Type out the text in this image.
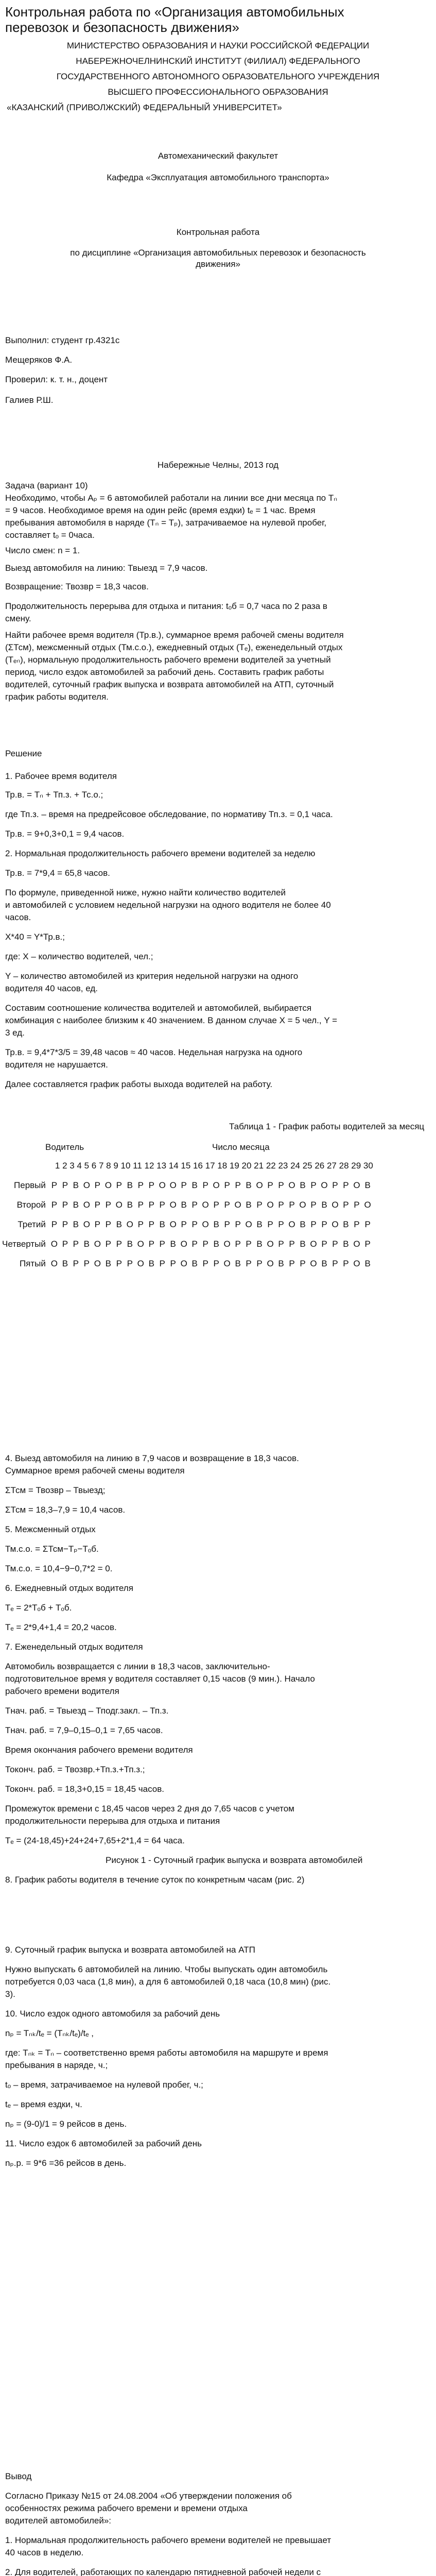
Контрольная работа по «Организация автомобильных
перевозок и безопасность движения»
МИНИСТЕРСТВО ОБРАЗОВАНИЯ И НАУКИ РОССИЙСКОЙ ФЕДЕРАЦИИ
НАБЕРЕЖНОЧЕЛНИНСКИЙ ИНСТИТУТ (ФИЛИАЛ) ФЕДЕРАЛЬНОГО
ГОСУДАРСТВЕННОГО АВТОНОМНОГО ОБРАЗОВАТЕЛЬНОГО УЧРЕЖДЕНИЯ
ВЫСШЕГО ПРОФЕССИОНАЛЬНОГО ОБРАЗОВАНИЯ
«КАЗАНСКИЙ (ПРИВОЛЖСКИЙ) ФЕДЕРАЛЬНЫЙ УНИВЕРСИТЕТ»
Автомеханический факультет
Кафедра «Эксплуатация автомобильного транспорта»
Контрольная работа
по дисциплине «Организация автомобильных перевозок и безопасность
движения»
Выполнил: студент гр.4321с
Мещеряков Ф.А.
Проверил: к. т. н., доцент
Галиев Р.Ш.
Набережные Челны, 2013 год
Задача (вариант 10)
Необходимо, чтобы Аₚ = 6 автомобилей работали на линии все дни месяца по Тₙ
= 9 часов. Необходимое время на один рейс (время ездки) tₑ = 1 час. Время
пребывания автомобиля в наряде (Тₙ = Тₚ), затрачиваемое на нулевой пробег,
составляет tₒ = 0часа.
Число смен: n = 1.
Выезд автомобиля на линию: Твыезд = 7,9 часов.
Возвращение: Твозвр = 18,3 часов.
Продолжительность перерыва для отдыха и питания: tₒб = 0,7 часа по 2 раза в
смену.
Найти рабочее время водителя (Тр.в.), суммарное время рабочей смены водителя
(ΣТсм), межсменный отдых (Тм.с.о.), ежедневный отдых (Тₑ), еженедельный отдых
(Тₑₙ), нормальную продолжительность рабочего времени водителей за учетный
период, число ездок автомобилей за рабочий день. Составить график работы
водителей, суточный график выпуска и возврата автомобилей на АТП, суточный
график работы водителя.
Решение
1. Рабочее время водителя
Тр.в. = Тₙ + Тп.з. + Тс.о.;
где Тп.з. – время на предрейсовое обследование, по нормативу Тп.з. = 0,1 часа.
Тр.в. = 9+0,3+0,1 = 9,4 часов.
2. Нормальная продолжительность рабочего времени водителей за неделю
Тр.в. = 7*9,4 = 65,8 часов.
По формуле, приведенной ниже, нужно найти количество водителей
и автомобилей с условием недельной нагрузки на одного водителя не более 40
часов.
X*40 = Y*Тр.в.;
где: X – количество водителей, чел.;
Y – количество автомобилей из критерия недельной нагрузки на одного
водителя 40 часов, ед.
Составим соотношение количества водителей и автомобилей, выбирается
комбинация с наиболее близким к 40 значением. В данном случае X = 5 чел., Y =
3 ед.
Тр.в. = 9,4*7*3/5 = 39,48 часов ≈ 40 часов. Недельная нагрузка на одного
водителя не нарушается.
Далее составляется график работы выхода водителей на работу.
Таблица 1 - График работы водителей за месяц
Водитель	Число месяца
	1 2 3 4 5 6 7 8 9 10 11 12 13 14 15 16 17 18 19 20 21 22 23 24 25 26 27 28 29 30																													
Первый	Р	Р	В	О	Р	О	Р	В	Р	Р	О	О	Р	В	Р	О	Р	Р	В	О	Р	Р	О	В	Р	О	Р	Р	О	В
Второй	Р	Р	В	О	Р	Р	О	В	Р	Р	Р	О	В	Р	О	Р	Р	О	В	Р	О	Р	Р	О	Р	В	О	Р	Р	О
Третий	Р	Р	В	О	Р	Р	В	О	Р	Р	В	О	Р	Р	О	В	Р	Р	О	В	Р	Р	О	В	Р	Р	О	В	Р	Р
Четвертый	О	Р	Р	В	О	Р	Р	В	О	Р	Р	В	О	Р	Р	В	О	Р	Р	В	О	Р	Р	В	О	Р	Р	В	О	Р
Пятый	О	В	Р	Р	О	В	Р	Р	О	В	Р	Р	О	В	Р	Р	О	В	Р	Р	О	В	Р	Р	О	В	Р	Р	О	В
4. Выезд автомобиля на линию в 7,9 часов и возвращение в 18,3 часов.
Суммарное время рабочей смены водителя
ΣТсм = Твозвр – Твыезд;
ΣТсм = 18,3–7,9 = 10,4 часов.
5. Межсменный отдых
Тм.с.о. = ΣТсм−Тₚ−Тₒб.
Тм.с.о. = 10,4−9−0,7*2 = 0.
6. Ежедневный отдых водителя
Тₑ = 2*Тₒб + Тₒб.
Тₑ = 2*9,4+1,4 = 20,2 часов.
7. Еженедельный отдых водителя
Автомобиль возвращается с линии в 18,3 часов, заключительно-
подготовительное время у водителя составляет 0,15 часов (9 мин.). Начало
рабочего времени водителя
Тнач. раб. = Твыезд – Тподг.закл. – Тп.з.
Тнач. раб. = 7,9–0,15–0,1 = 7,65 часов.
Время окончания рабочего времени водителя
Токонч. раб. = Твозвр.+Тп.з.+Тп.з.;
Токонч. раб. = 18,3+0,15 = 18,45 часов.
Промежуток времени с 18,45 часов через 2 дня до 7,65 часов с учетом
продолжительности перерыва для отдыха и питания
Тₑ = (24-18,45)+24+24+7,65+2*1,4 = 64 часа.
Рисунок 1 - Суточный график выпуска и возврата автомобилей
8. График работы водителя в течение суток по конкретным часам (рис. 2)
9. Суточный график выпуска и возврата автомобилей на АТП
Нужно выпускать 6 автомобилей на линию. Чтобы выпускать один автомобиль
потребуется 0,03 часа (1,8 мин), а для 6 автомобилей 0,18 часа (10,8 мин) (рис.
3).
10. Число ездок одного автомобиля за рабочий день
nₚ = Tₙₖ/tₑ = (Tₙₖ/tₑ)/tₑ ,
где: Tₙₖ = Tₙ – соответственно время работы автомобиля на маршруте и время
пребывания в наряде, ч.;
tₒ – время, затрачиваемое на нулевой пробег, ч.;
tₑ – время ездки, ч.
nₚ = (9-0)/1 = 9 рейсов в день.
11. Число ездок 6 автомобилей за рабочий день
nₚ.р. = 9*6 =36 рейсов в день.
Вывод
Согласно Приказу №15 от 24.08.2004 «Об утверждении положения об
особенностях режима рабочего времени и времени отдыха
водителей автомобилей»:
1. Нормальная продолжительность рабочего времени водителей не превышает
40 часов в неделю.
2. Для водителей, работающих по календарю пятидневной рабочей недели с
